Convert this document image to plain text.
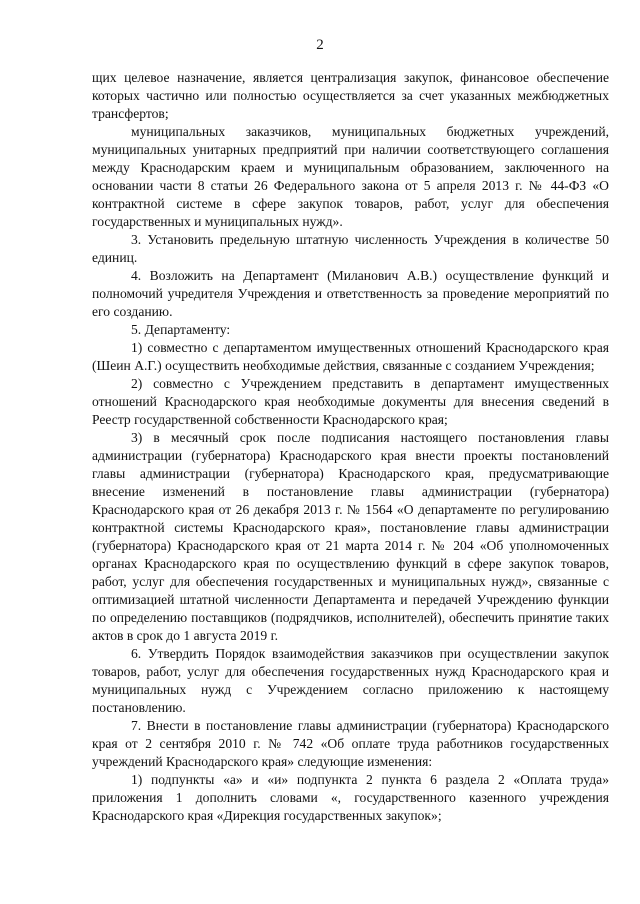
2

щих целевое назначение, является централизация закупок, финансовое обеспечение которых частично или полностью осуществляется за счет указанных межбюджетных трансфертов;

муниципальных заказчиков, муниципальных бюджетных учреждений, муниципальных унитарных предприятий при наличии соответствующего соглашения между Краснодарским краем и муниципальным образованием, заключенного на основании части 8 статьи 26 Федерального закона от 5 апреля 2013 г. № 44-ФЗ «О контрактной системе в сфере закупок товаров, работ, услуг для обеспечения государственных и муниципальных нужд».

3. Установить предельную штатную численность Учреждения в количестве 50 единиц.

4. Возложить на Департамент (Миланович А.В.) осуществление функций и полномочий учредителя Учреждения и ответственность за проведение мероприятий по его созданию.

5. Департаменту:

1) совместно с департаментом имущественных отношений Краснодарского края (Шеин А.Г.) осуществить необходимые действия, связанные с созданием Учреждения;

2) совместно с Учреждением представить в департамент имущественных отношений Краснодарского края необходимые документы для внесения сведений в Реестр государственной собственности Краснодарского края;

3) в месячный срок после подписания настоящего постановления главы администрации (губернатора) Краснодарского края внести проекты постановлений главы администрации (губернатора) Краснодарского края, предусматривающие внесение изменений в постановление главы администрации (губернатора) Краснодарского края от 26 декабря 2013 г. № 1564 «О департаменте по регулированию контрактной системы Краснодарского края», постановление главы администрации (губернатора) Краснодарского края от 21 марта 2014 г. № 204 «Об уполномоченных органах Краснодарского края по осуществлению функций в сфере закупок товаров, работ, услуг для обеспечения государственных и муниципальных нужд», связанные с оптимизацией штатной численности Департамента и передачей Учреждению функции по определению поставщиков (подрядчиков, исполнителей), обеспечить принятие таких актов в срок до 1 августа 2019 г.

6. Утвердить Порядок взаимодействия заказчиков при осуществлении закупок товаров, работ, услуг для обеспечения государственных нужд Краснодарского края и муниципальных нужд с Учреждением согласно приложению к настоящему постановлению.

7. Внести в постановление главы администрации (губернатора) Краснодарского края от 2 сентября 2010 г. № 742 «Об оплате труда работников государственных учреждений Краснодарского края» следующие изменения:

1) подпункты «а» и «и» подпункта 2 пункта 6 раздела 2 «Оплата труда» приложения 1 дополнить словами «, государственного казенного учреждения Краснодарского края «Дирекция государственных закупок»;
